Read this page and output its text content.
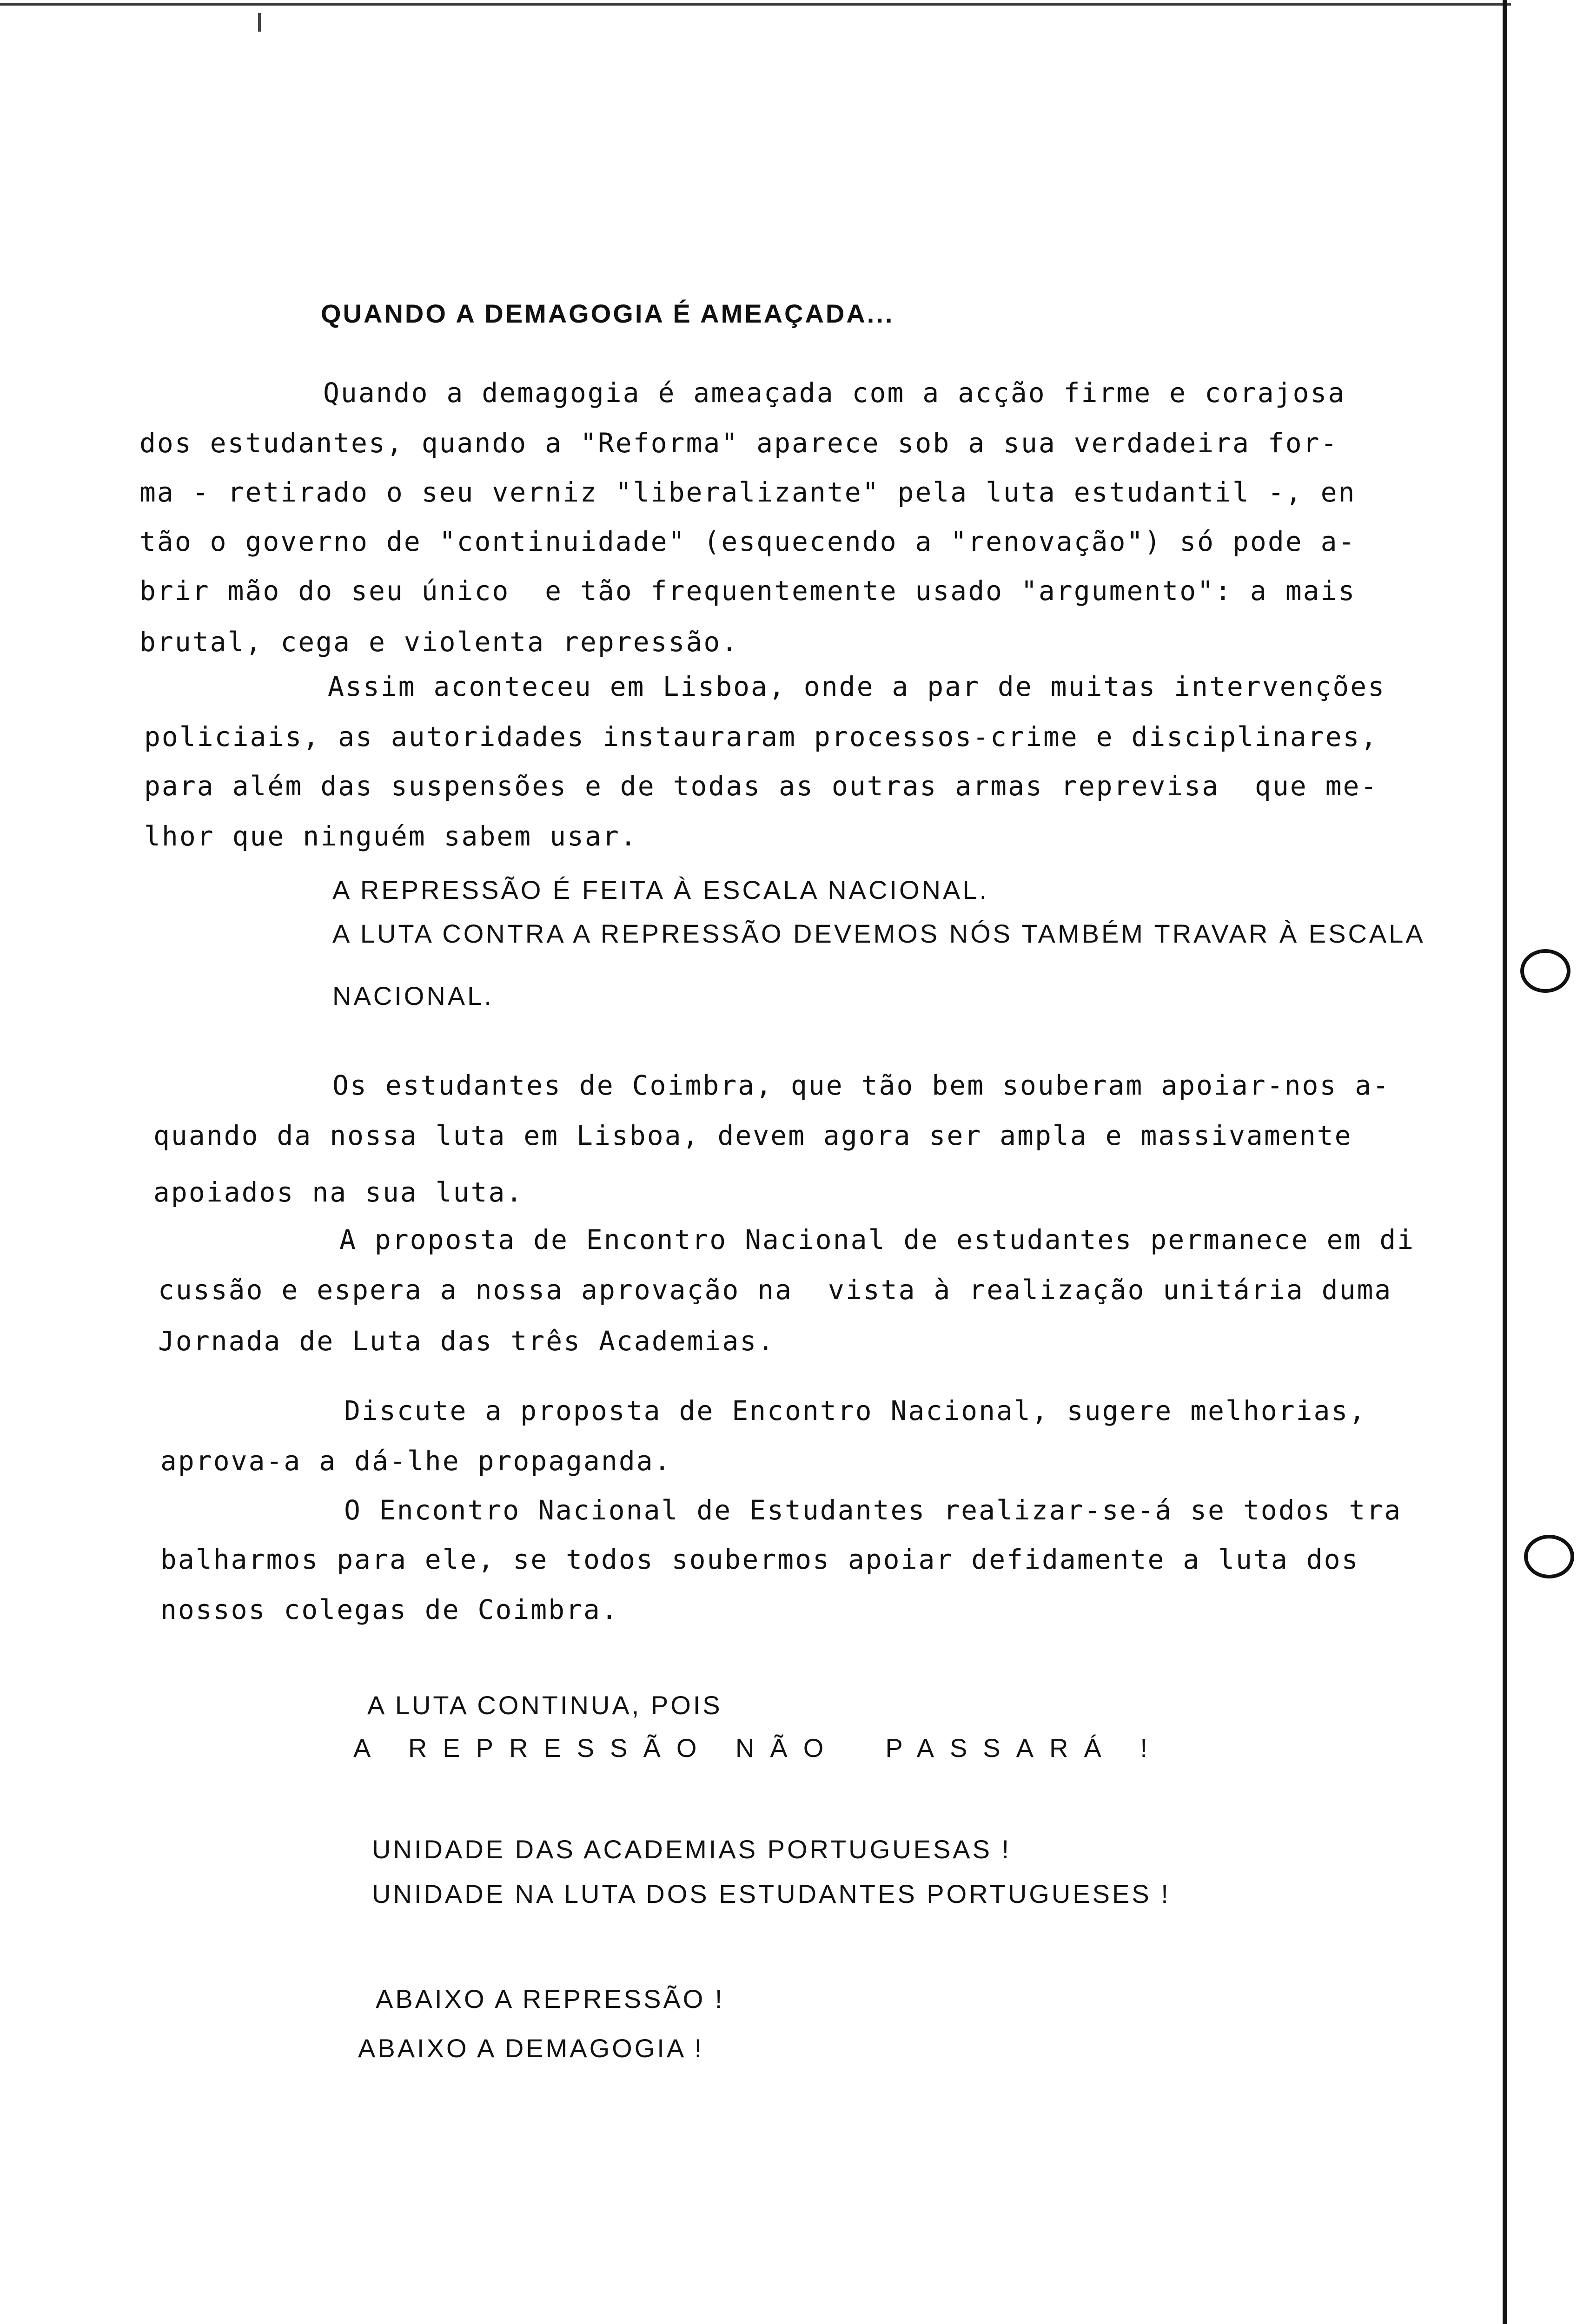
QUANDO A DEMAGOGIA É AMEAÇADA...
Quando a demagogia é ameaçada com a acção firme e corajosa
dos estudantes, quando a "Reforma" aparece sob a sua verdadeira for-
ma - retirado o seu verniz "liberalizante" pela luta estudantil -, en
tão o governo de "continuidade" (esquecendo a "renovação") só pode a-
brir mão do seu único  e tão frequentemente usado "argumento": a mais
brutal, cega e violenta repressão.
Assim aconteceu em Lisboa, onde a par de muitas intervenções
policiais, as autoridades instauraram processos-crime e disciplinares,
para além das suspensões e de todas as outras armas reprevisa  que me-
lhor que ninguém sabem usar.
A REPRESSÃO É FEITA À ESCALA NACIONAL.
A LUTA CONTRA A REPRESSÃO DEVEMOS NÓS TAMBÉM TRAVAR À ESCALA
NACIONAL.
Os estudantes de Coimbra, que tão bem souberam apoiar-nos a-
quando da nossa luta em Lisboa, devem agora ser ampla e massivamente
apoiados na sua luta.
A proposta de Encontro Nacional de estudantes permanece em di
cussão e espera a nossa aprovação na  vista à realização unitária duma
Jornada de Luta das três Academias.
Discute a proposta de Encontro Nacional, sugere melhorias,
aprova-a a dá-lhe propaganda.
O Encontro Nacional de Estudantes realizar-se-á se todos tra
balharmos para ele, se todos soubermos apoiar defidamente a luta dos
nossos colegas de Coimbra.
A LUTA CONTINUA, POIS
A REPRESSÃO NÃO  PASSARÁ !
UNIDADE DAS ACADEMIAS PORTUGUESAS !
UNIDADE NA LUTA DOS ESTUDANTES PORTUGUESES !
ABAIXO A REPRESSÃO !
ABAIXO A DEMAGOGIA !
